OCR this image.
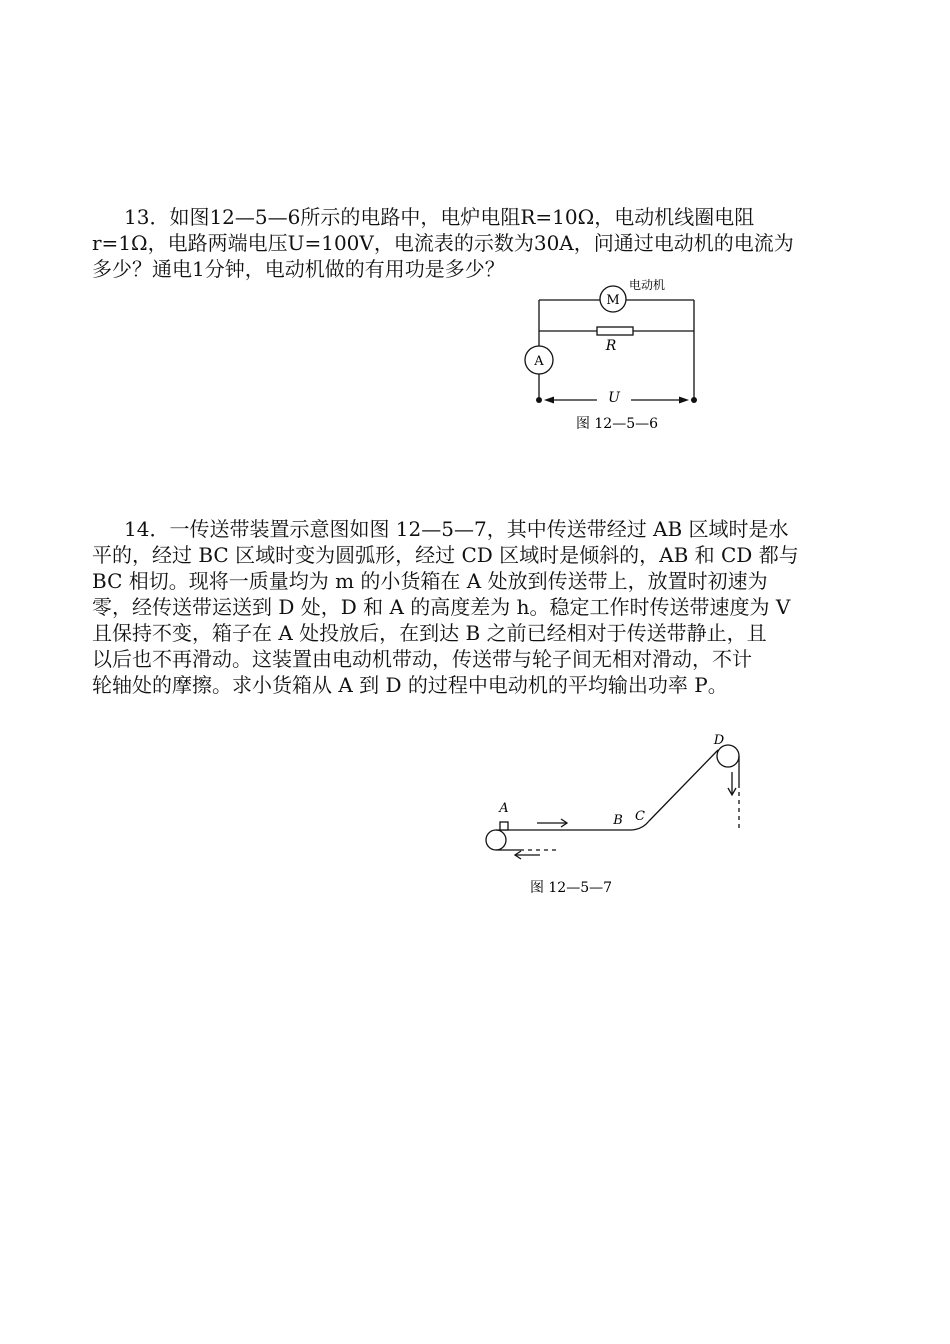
13．如图12—5—6所示的电路中，电炉电阻R=10Ω，电动机线圈电阻
r=1Ω，电路两端电压U=100V，电流表的示数为30A，问通过电动机的电流为
多少？通电1分钟，电动机做的有用功是多少？
M
电动机
A
R
U
图 12—5—6
14．一传送带装置示意图如图 12—5—7，其中传送带经过 AB 区域时是水
平的，经过 BC 区域时变为圆弧形，经过 CD 区域时是倾斜的，AB 和 CD 都与
BC 相切。现将一质量均为 m 的小货箱在 A 处放到传送带上，放置时初速为
零，经传送带运送到 D 处，D 和 A 的高度差为 h。稳定工作时传送带速度为 V
且保持不变，箱子在 A 处投放后，在到达 B 之前已经相对于传送带静止，且
以后也不再滑动。这装置由电动机带动，传送带与轮子间无相对滑动，不计
轮轴处的摩擦。求小货箱从 A 到 D 的过程中电动机的平均输出功率 P。
A
B C
D
图 12—5—7
